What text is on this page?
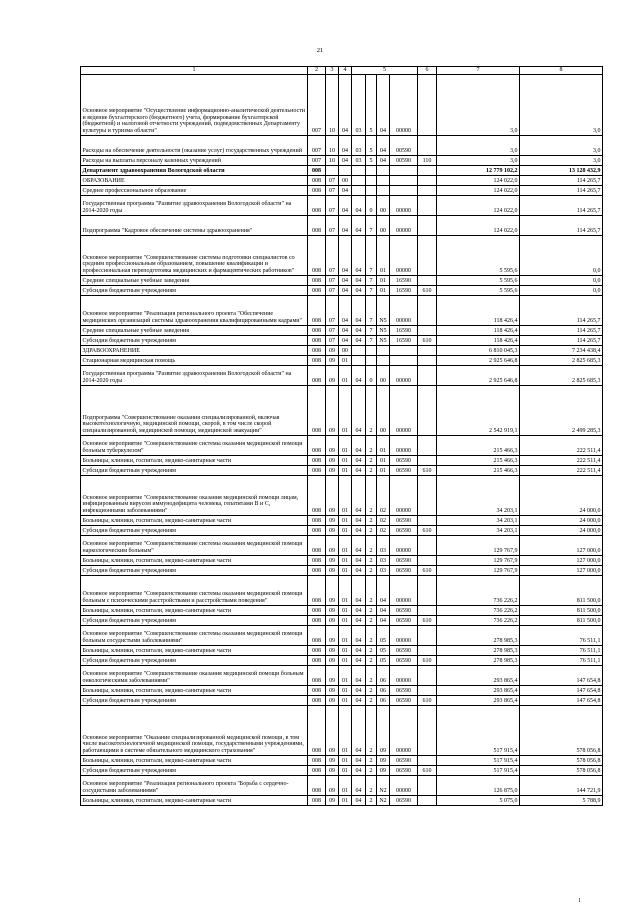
21
1	2	3	4	5				6	7	8
Основное мероприятие "Осуществление информационно-аналитической деятельности и ведение бухгалтерского (бюджетного) учета, формирование бухгалтерской (бюджетной) и налоговой отчетности учреждений, подведомственных Департаменту культуры и туризма области"	007	10	04	03	5	04	00000		3,0	3,0
Расходы на обеспечение деятельности (оказание услуг) государственных учреждений	007	10	04	03	5	04	00590		3,0	3,0
Расходы на выплаты персоналу казенных учреждений	007	10	04	03	5	04	00590	110	3,0	3,0
Департамент здравоохранения Вологодской области	008								12 779 102,2	13 128 432,9
ОБРАЗОВАНИЕ	008	07	00						124 022,0	114 265,7
Среднее профессиональное образование	008	07	04						124 022,0	114 265,7
Государственная программа "Развитие здравоохранения Вологодской области" на 2014-2020 годы	008	07	04	04	0	00	00000		124 022,0	114 265,7
Подпрограмма "Кадровое обеспечение системы здравоохранения"	008	07	04	04	7	00	00000		124 022,0	114 265,7
Основное мероприятие "Совершенствование системы подготовки специалистов со средним профессиональным образованием, повышение квалификации и профессиональная переподготовка медицинских и фармацевтических работников"	008	07	04	04	7	01	00000		5 595,6	0,0
Средние специальные учебные заведения	008	07	04	04	7	01	16590		5 595,6	0,0
Субсидии бюджетным учреждениям	008	07	04	04	7	01	16590	610	5 595,6	0,0
Основное мероприятие "Реализация регионального проекта "Обеспечение медицинских организаций системы здравоохранения квалифицированными кадрами"	008	07	04	04	7	N5	00000		118 426,4	114 265,7
Средние специальные учебные заведения	008	07	04	04	7	N5	16590		118 426,4	114 265,7
Субсидии бюджетным учреждениям	008	07	04	04	7	N5	16590	610	118 426,4	114 265,7
ЗДРАВООХРАНЕНИЕ	008	09	00						6 810 045,3	7 234 438,4
Стационарная медицинская помощь	008	09	01						2 925 646,8	2 825 685,3
Государственная программа "Развитие здравоохранения Вологодской области" на 2014-2020 годы	008	09	01	04	0	00	00000		2 925 646,8	2 825 685,3
Подпрограмма "Совершенствование оказания специализированной, включая высокотехнологичную, медицинской помощи, скорой, в том числе скорой специализированной, медицинской помощи, медицинской эвакуации"	008	09	01	04	2	00	00000		2 542 919,1	2 499 285,3
Основное мероприятие "Совершенствование системы оказания медицинской помощи больным туберкулезом"	008	09	01	04	2	01	00000		215 466,3	222 511,4
Больницы, клиники, госпитали, медико-санитарные части	008	09	01	04	2	01	06590		215 466,3	222 511,4
Субсидии бюджетным учреждениям	008	09	01	04	2	01	06590	610	215 466,3	222 511,4
Основное мероприятие "Совершенствование оказания медицинской помощи лицам, инфицированным вирусом иммунодефицита человека, гепатитами В и С, инфекционными заболеваниями"	008	09	01	04	2	02	00000		34 203,1	24 000,0
Больницы, клиники, госпитали, медико-санитарные части	008	09	01	04	2	02	06590		34 203,1	24 000,0
Субсидии бюджетным учреждениям	008	09	01	04	2	02	06590	610	34 203,1	24 000,0
Основное мероприятие "Совершенствование системы оказания медицинской помощи наркологическим больным"	008	09	01	04	2	03	00000		129 767,9	127 000,0
Больницы, клиники, госпитали, медико-санитарные части	008	09	01	04	2	03	06590		129 767,9	127 000,0
Субсидии бюджетным учреждениям	008	09	01	04	2	03	06590	610	129 767,9	127 000,0
Основное мероприятие "Совершенствование системы оказания медицинской помощи больным с психическими расстройствами и расстройствами поведения"	008	09	01	04	2	04	00000		736 226,2	811 500,0
Больницы, клиники, госпитали, медико-санитарные части	008	09	01	04	2	04	06590		736 226,2	811 500,0
Субсидии бюджетным учреждениям	008	09	01	04	2	04	06590	610	736 226,2	811 500,0
Основное мероприятие "Совершенствование системы оказания медицинской помощи больным сосудистыми заболеваниями"	008	09	01	04	2	05	00000		278 985,3	76 511,1
Больницы, клиники, госпитали, медико-санитарные части	008	09	01	04	2	05	06590		278 985,3	76 511,1
Субсидии бюджетным учреждениям	008	09	01	04	2	05	06590	610	278 985,3	76 511,1
Основное мероприятие "Совершенствование оказания медицинской помощи больным онкологическими заболеваниями"	008	09	01	04	2	06	00000		293 865,4	147 654,8
Больницы, клиники, госпитали, медико-санитарные части	008	09	01	04	2	06	06590		293 865,4	147 654,8
Субсидии бюджетным учреждениям	008	09	01	04	2	06	06590	610	293 865,4	147 654,8
Основное мероприятие "Оказание специализированной медицинской помощи, в том числе высокотехнологичной медицинской помощи, государственными учреждениями, работающими в системе обязательного медицинского страхования"	008	09	01	04	2	09	00000		517 915,4	578 056,8
Больницы, клиники, госпитали, медико-санитарные части	008	09	01	04	2	09	06590		517 915,4	578 056,8
Субсидии бюджетным учреждениям	008	09	01	04	2	09	06590	610	517 915,4	578 056,8
Основное мероприятие "Реализация регионального проекта "Борьба с сердечно-сосудистыми заболеваниями"	008	09	01	04	2	N2	00000		126 875,0	144 721,9
Больницы, клиники, госпитали, медико-санитарные части	008	09	01	04	2	N2	06590		5 075,0	5 788,9
1
